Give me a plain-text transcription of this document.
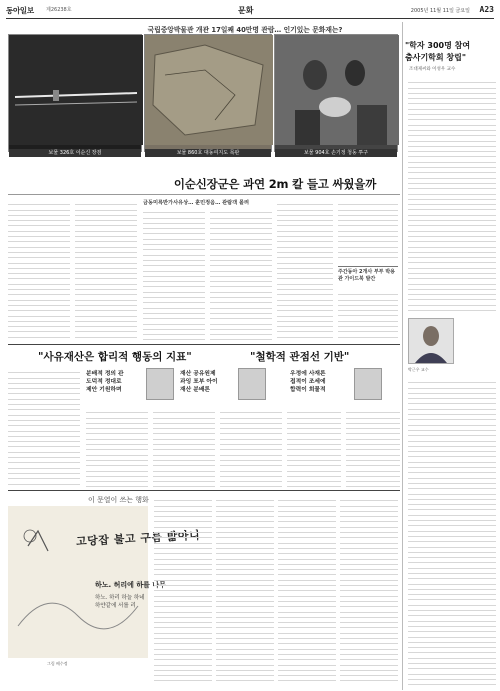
동아일보 제26238호	문화	2005년 11월 11일 금요일 A23
국립중앙박물관 개관 17일째 40만명 관람… 인기있는 문화재는?
보물 326호 이순신 장검	보물 860호 대동여지도 목판	보물 904호 손기정 청동 투구
이순신장군은 과연 2m 칼 들고 싸웠을까
금동미륵반가사유상… 훈민정음… 관람객 몰려
주간동아 2개사 부부 박용관 가이드북 발간
"학자 300명 참여
춤사기학회 창립"
조대제씨와 이성우 교수
박근우 교수
"사유재산은 합리적 행동의 지표"	"철학적 관점선 기반"
분배적 정의 관
도덕적 정대로
제안 기원하며
재산 공유원제
과잉 포부 아이
재산 분배론
우정에 사재론
접적이 조세에
합력이 희물적
이 문열이 쓰는 행화
고당잡 불고 구름 밟아니
하노. 허리에 하를 나무
하노. 하리 하늘 하네
하얀같에 서를 리
그림 배수정
